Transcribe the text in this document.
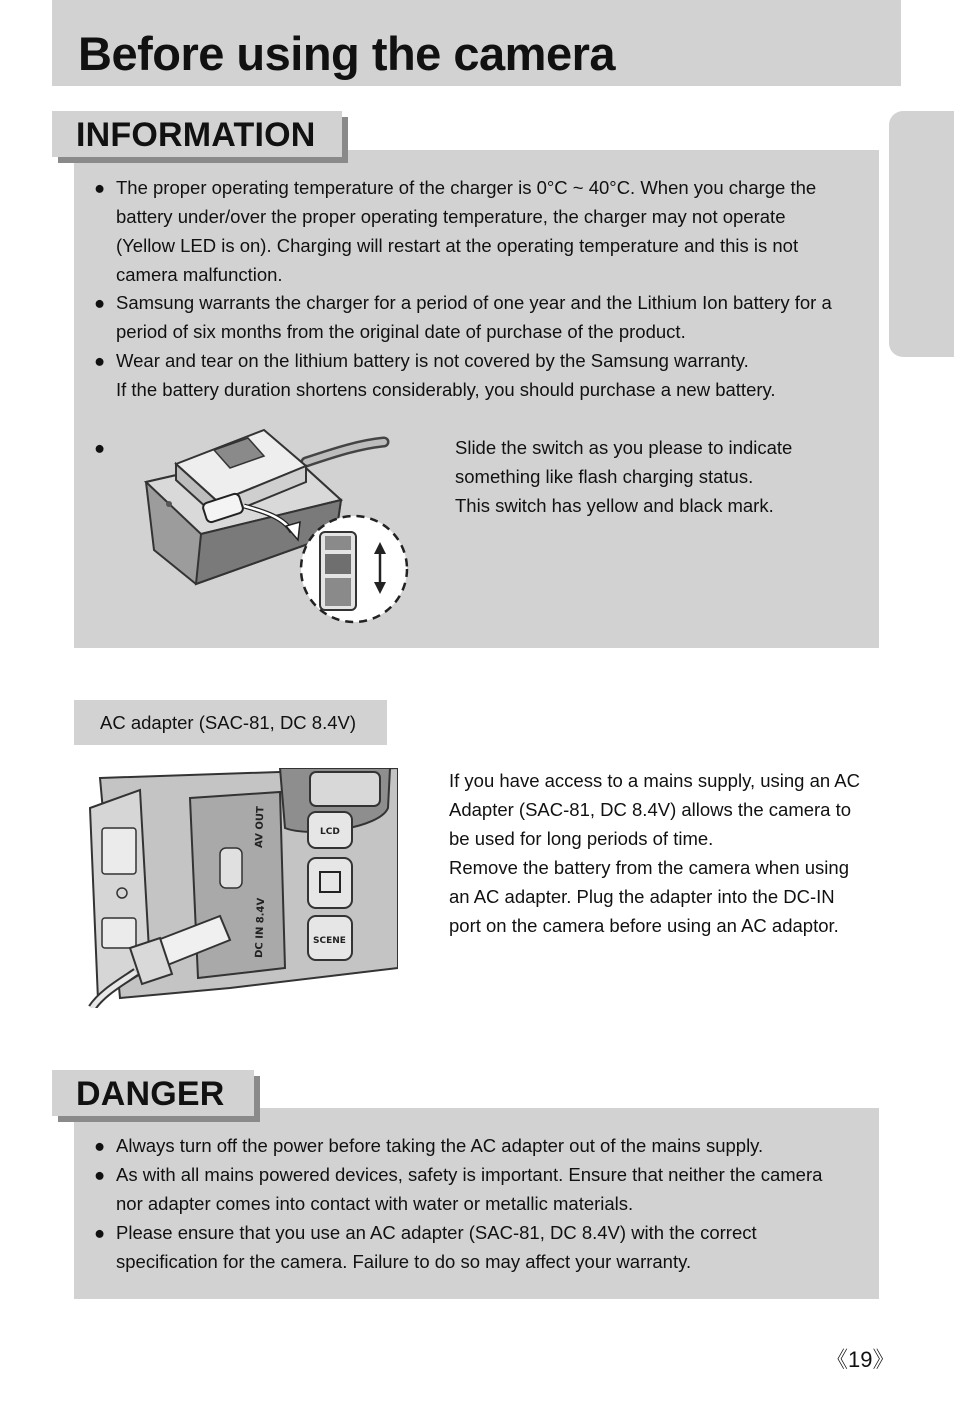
Before using the camera
INFORMATION
● The proper operating temperature of the charger is 0°C ~ 40°C. When you charge the
battery under/over the proper operating temperature, the charger may not operate
(Yellow LED is on). Charging will restart at the operating temperature and this is not
camera malfunction.
● Samsung warrants the charger for a period of one year and the Lithium Ion battery for a
period of six months from the original date of purchase of the product.
● Wear and tear on the lithium battery is not covered by the Samsung warranty.
If the battery duration shortens considerably, you should purchase a new battery.
●	Slide the switch as you please to indicate
something like flash charging status.
This switch has yellow and black mark.
AC adapter (SAC-81, DC 8.4V)
AV OUT
DC IN 8.4V
LCD
SCENE
If you have access to a mains supply, using an AC
Adapter (SAC-81, DC 8.4V) allows the camera to
be used for long periods of time.
Remove the battery from the camera when using
an AC adapter. Plug the adapter into the DC-IN
port on the camera before using an AC adaptor.
DANGER
● Always turn off the power before taking the AC adapter out of the mains supply.
● As with all mains powered devices, safety is important. Ensure that neither the camera
nor adapter comes into contact with water or metallic materials.
● Please ensure that you use an AC adapter (SAC-81, DC 8.4V) with the correct
specification for the camera. Failure to do so may affect your warranty.
《19》
